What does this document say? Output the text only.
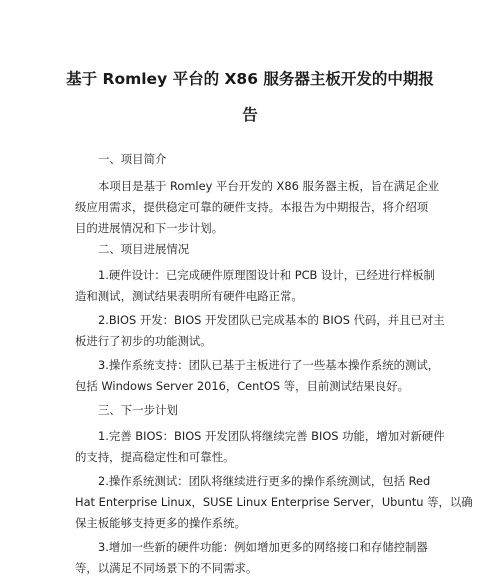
基于 Romley 平台的 X86 服务器主板开发的中期报
告

一、项目简介

本项目是基于 Romley 平台开发的 X86 服务器主板，旨在满足企业
级应用需求，提供稳定可靠的硬件支持。本报告为中期报告，将介绍项
目的进展情况和下一步计划。

二、项目进展情况

1.硬件设计：已完成硬件原理图设计和 PCB 设计，已经进行样板制
造和测试，测试结果表明所有硬件电路正常。
2.BIOS 开发：BIOS 开发团队已完成基本的 BIOS 代码，并且已对主
板进行了初步的功能测试。
3.操作系统支持：团队已基于主板进行了一些基本操作系统的测试，
包括 Windows Server 2016，CentOS 等，目前测试结果良好。

三、下一步计划

1.完善 BIOS：BIOS 开发团队将继续完善 BIOS 功能，增加对新硬件
的支持，提高稳定性和可靠性。
2.操作系统测试：团队将继续进行更多的操作系统测试，包括 Red
Hat Enterprise Linux，SUSE Linux Enterprise Server，Ubuntu 等，以确
保主板能够支持更多的操作系统。
3.增加一些新的硬件功能：例如增加更多的网络接口和存储控制器
等，以满足不同场景下的不同需求。
